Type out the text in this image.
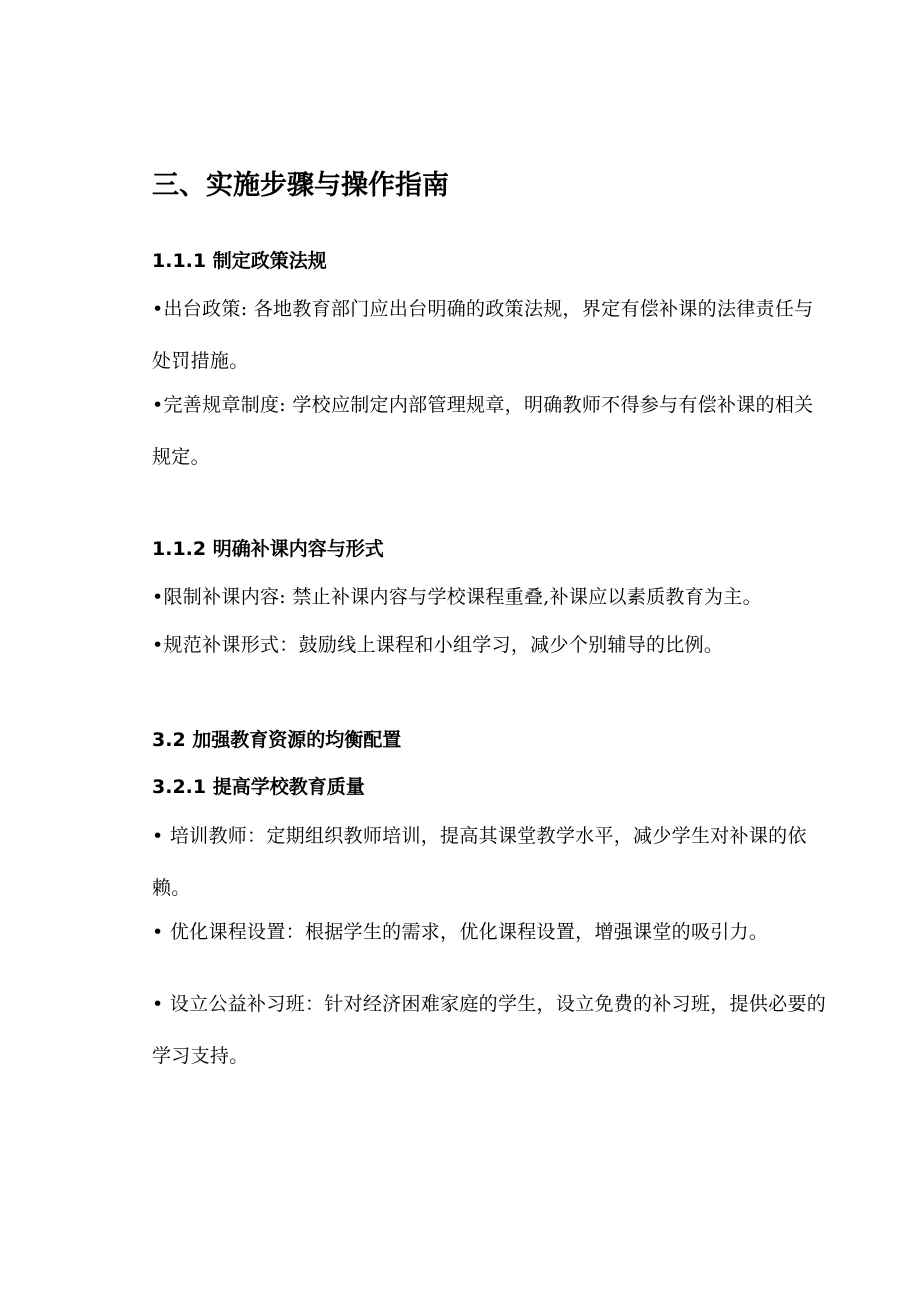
三、实施步骤与操作指南
1.1.1 制定政策法规

•出台政策: 各地教育部门应出台明确的政策法规，界定有偿补课的法律责任与处罚措施。

•完善规章制度: 学校应制定内部管理规章，明确教师不得参与有偿补课的相关规定。

1.1.2 明确补课内容与形式

•限制补课内容: 禁止补课内容与学校课程重叠,补课应以素质教育为主。

•规范补课形式：鼓励线上课程和小组学习，减少个别辅导的比例。

3.2 加强教育资源的均衡配置
3.2.1 提高学校教育质量

• 培训教师：定期组织教师培训，提高其课堂教学水平，减少学生对补课的依赖。

• 优化课程设置：根据学生的需求，优化课程设置，增强课堂的吸引力。

• 设立公益补习班：针对经济困难家庭的学生，设立免费的补习班，提供必要的学习支持。
